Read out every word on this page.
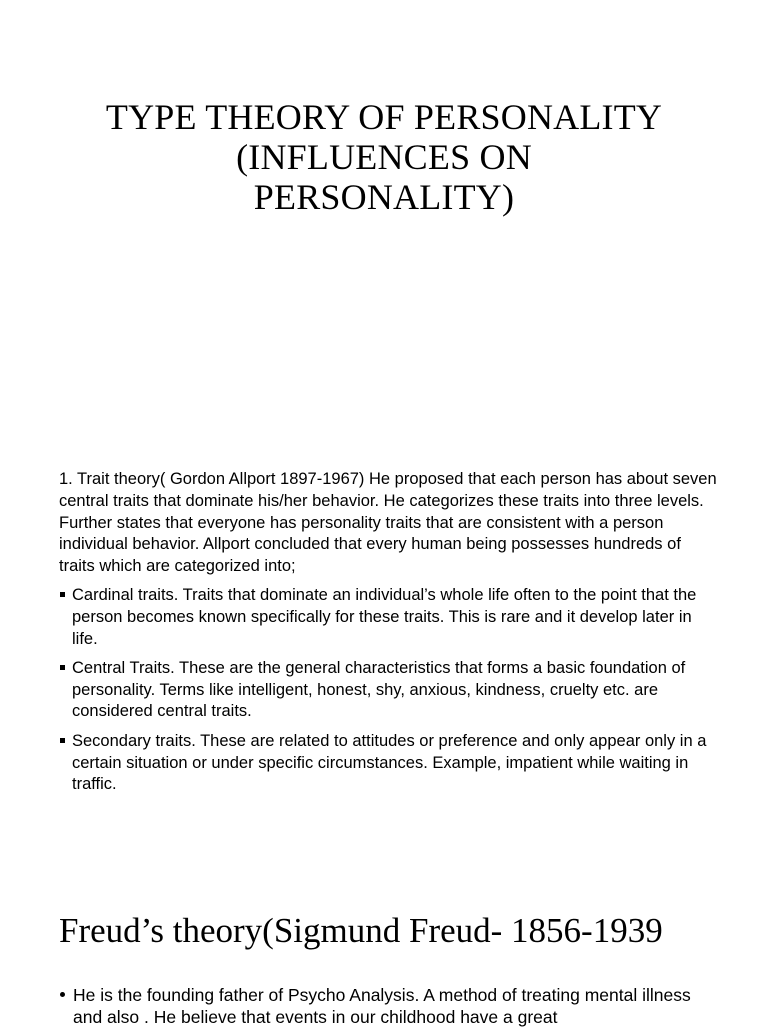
TYPE THEORY OF PERSONALITY
(INFLUENCES ON
PERSONALITY)

1. Trait theory( Gordon Allport 1897-1967) He proposed that each person has about seven central traits that dominate his/her behavior. He categorizes these traits into three levels. Further states that everyone has personality traits that are consistent with a person individual behavior. Allport concluded that every human being possesses hundreds of traits which are categorized into;

Cardinal traits. Traits that dominate an individual’s whole life often to the point that the person becomes known specifically for these traits. This is rare and it develop later in life.
Central Traits. These are the general characteristics that forms a basic foundation of personality. Terms like intelligent, honest, shy, anxious, kindness, cruelty etc. are considered central traits.
Secondary traits. These are related to attitudes or preference and only appear only in a certain situation or under specific circumstances. Example, impatient while waiting in traffic.
Freud’s theory(Sigmund Freud- 1856-1939
He is the founding father of Psycho Analysis. A method of treating mental illness and also . He believe that events in our childhood have a great
